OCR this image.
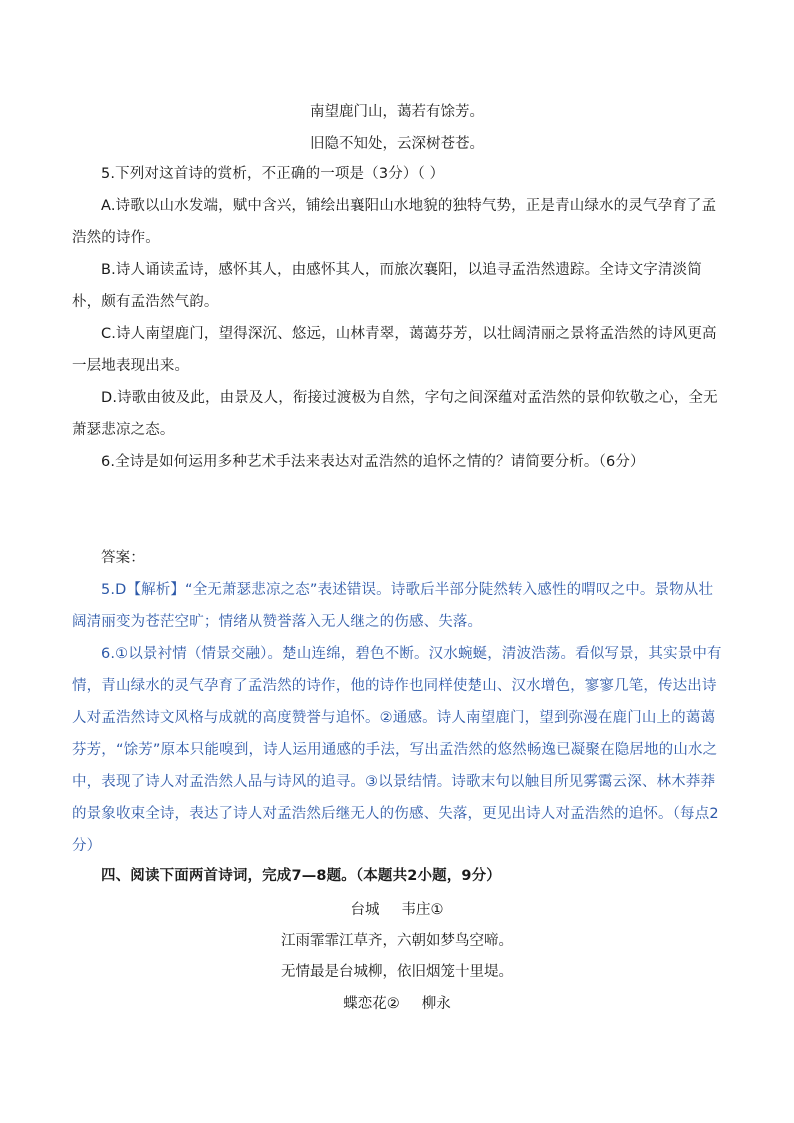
南望鹿门山，蔼若有馀芳。
旧隐不知处，云深树苍苍。
5.下列对这首诗的赏析，不正确的一项是（3分）（ ）
A.诗歌以山水发端，赋中含兴，铺绘出襄阳山水地貌的独特气势，正是青山绿水的灵气孕育了孟浩然的诗作。
B.诗人诵读孟诗，感怀其人，由感怀其人，而旅次襄阳，以追寻孟浩然遗踪。全诗文字清淡简朴，颇有孟浩然气韵。
C.诗人南望鹿门，望得深沉、悠远，山林青翠，蔼蔼芬芳，以壮阔清丽之景将孟浩然的诗风更高一层地表现出来。
D.诗歌由彼及此，由景及人，衔接过渡极为自然，字句之间深蕴对孟浩然的景仰钦敬之心，全无萧瑟悲凉之态。
6.全诗是如何运用多种艺术手法来表达对孟浩然的追怀之情的？请简要分析。（6分）
答案：
5.D【解析】“全无萧瑟悲凉之态”表述错误。诗歌后半部分陡然转入感性的喟叹之中。景物从壮阔清丽变为苍茫空旷；情绪从赞誉落入无人继之的伤感、失落。
6.①以景衬情（情景交融）。楚山连绵，碧色不断。汉水蜿蜒，清波浩荡。看似写景，其实景中有情，青山绿水的灵气孕育了孟浩然的诗作，他的诗作也同样使楚山、汉水增色，寥寥几笔，传达出诗人对孟浩然诗文风格与成就的高度赞誉与追怀。②通感。诗人南望鹿门，望到弥漫在鹿门山上的蔼蔼芬芳，“馀芳”原本只能嗅到，诗人运用通感的手法，写出孟浩然的悠然畅逸已凝聚在隐居地的山水之中，表现了诗人对孟浩然人品与诗风的追寻。③以景结情。诗歌末句以触目所见雾霭云深、林木莽莽的景象收束全诗，表达了诗人对孟浩然后继无人的伤感、失落，更见出诗人对孟浩然的追怀。（每点2分）
四、阅读下面两首诗词，完成7—8题。（本题共2小题，9分）
台城 韦庄①
江雨霏霏江草齐，六朝如梦鸟空啼。
无情最是台城柳，依旧烟笼十里堤。
蝶恋花② 柳永
